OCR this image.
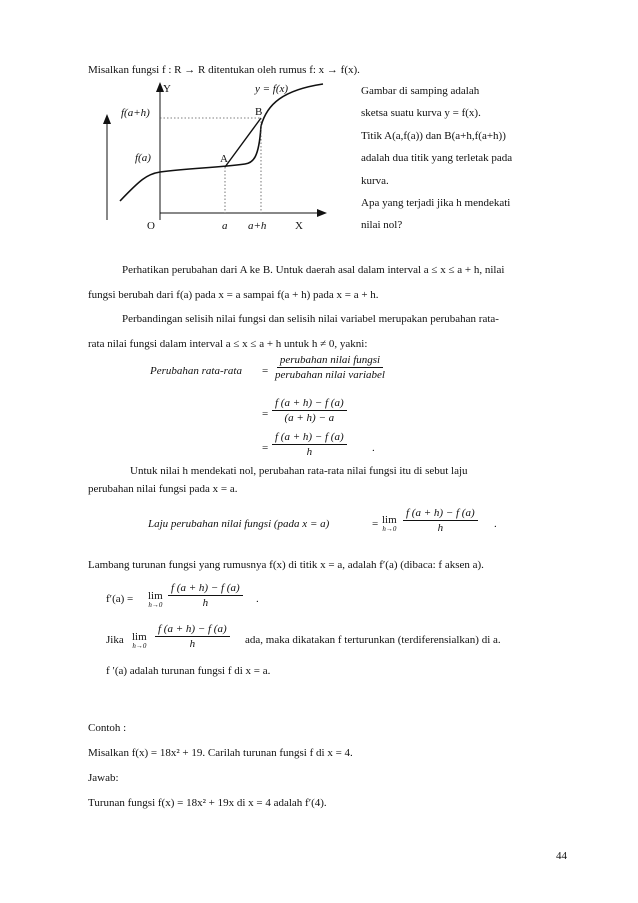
Misalkan fungsi f : R → R ditentukan oleh rumus f: x → f(x).
Y	y = f(x)
f(a+h)	B
f(a)	A
O	a a+h	X
Gambar di samping adalah
sketsa suatu kurva y = f(x).
Titik A(a,f(a)) dan B(a+h,f(a+h))
adalah dua titik yang terletak pada
kurva.
Apa yang terjadi jika h mendekati
nilai nol?
Perhatikan perubahan dari A ke B. Untuk daerah asal dalam interval a ≤ x ≤ a + h, nilai
fungsi berubah dari f(a) pada x = a sampai f(a + h) pada x = a + h.
Perbandingan selisih nilai fungsi dan selisih nilai variabel merupakan perubahan rata-
rata nilai fungsi dalam interval a ≤ x ≤ a + h untuk h ≠ 0, yakni:
Perubahan rata-rata = $\frac{\text{perubahan nilai fungsi}}{\text{perubahan nilai variabel}}$
= $\frac{f (a + h) - f (a)}{(a + h) - a}$
= $\frac{f (a + h) - f (a)}{h}$ .
Untuk nilai h mendekati nol, perubahan rata-rata nilai fungsi itu di sebut laju
perubahan nilai fungsi pada x = a.
Laju perubahan nilai fungsi (pada x = a)	= lim
$h\to 0 \frac{f (a + h) - f (a)}{h}$ .
Lambang turunan fungsi yang rumusnya f(x) di titik x = a, adalah f′(a) (dibaca: f aksen a).
f′(a) = lim
$h\to 0 \frac{f (a + h) - f (a)}{h}$ .
Jika lim
$h\to 0 \frac{f (a + h) - f (a)}{h}$ ada, maka dikatakan f terturunkan (terdiferensialkan) di a.
f ′(a) adalah turunan fungsi f di x = a.
Contoh :
Misalkan f(x) = 18x² + 19. Carilah turunan fungsi f di x = 4.
Jawab:
Turunan fungsi f(x) = 18x² + 19x di x = 4 adalah f′(4).
44
